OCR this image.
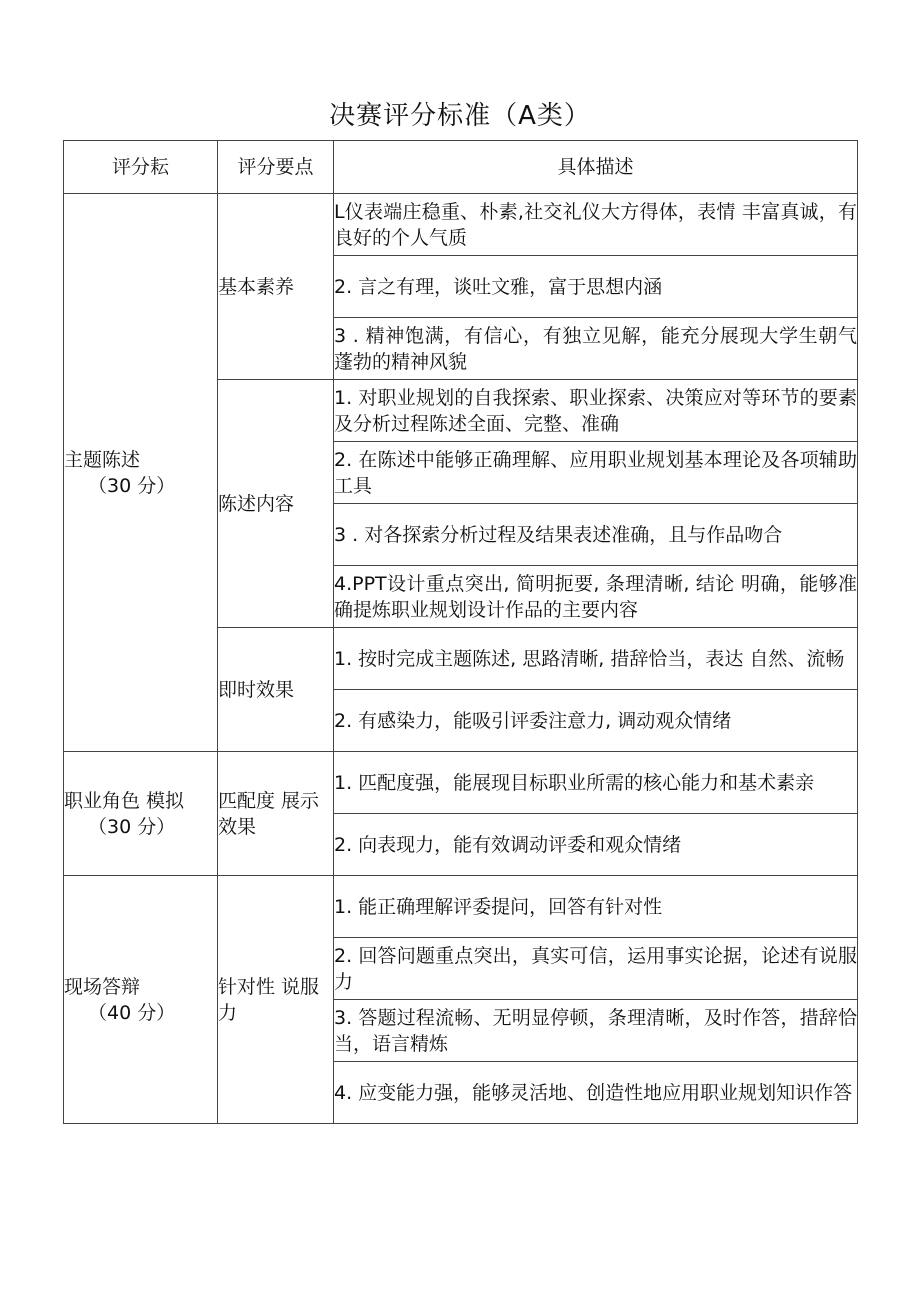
决赛评分标准（A类）
评分耘	评分要点	具体描述
主题陈述
（30 分）	基本素养	L仪表端庄稳重、朴素,社交礼仪大方得体，表情 丰富真诚，有良好的个人气质
		2. 言之有理，谈吐文雅，富于思想内涵
		3 . 精神饱满，有信心，有独立见解，能充分展现大学生朝气蓬勃的精神风貌
	陈述内容	1. 对职业规划的自我探索、职业探索、决策应对等环节的要素及分析过程陈述全面、完整、准确
		2. 在陈述中能够正确理解、应用职业规划基本理论及各项辅助工具
		3 . 对各探索分析过程及结果表述准确，且与作品吻合
		4.PPT设计重点突出, 简明扼要, 条理清晰, 结论 明确，能够准确提炼职业规划设计作品的主要内容
	即时效果	1. 按时完成主题陈述, 思路清晰, 措辞恰当，表达 自然、流畅
		2. 有感染力，能吸引评委注意力, 调动观众情绪
职业角色 模拟
（30 分）	匹配度 展示效果	1. 匹配度强，能展现目标职业所需的核心能力和基术素亲
		2. 向表现力，能有效调动评委和观众情绪
现场答辩
（40 分）	针对性 说服力	1. 能正确理解评委提问，回答有针对性
		2. 回答问题重点突出，真实可信，运用事实论据，论述有说服力
		3. 答题过程流畅、无明显停顿，条理清晰，及时作答，措辞恰当，语言精炼
		4. 应变能力强，能够灵活地、创造性地应用职业规划知识作答
